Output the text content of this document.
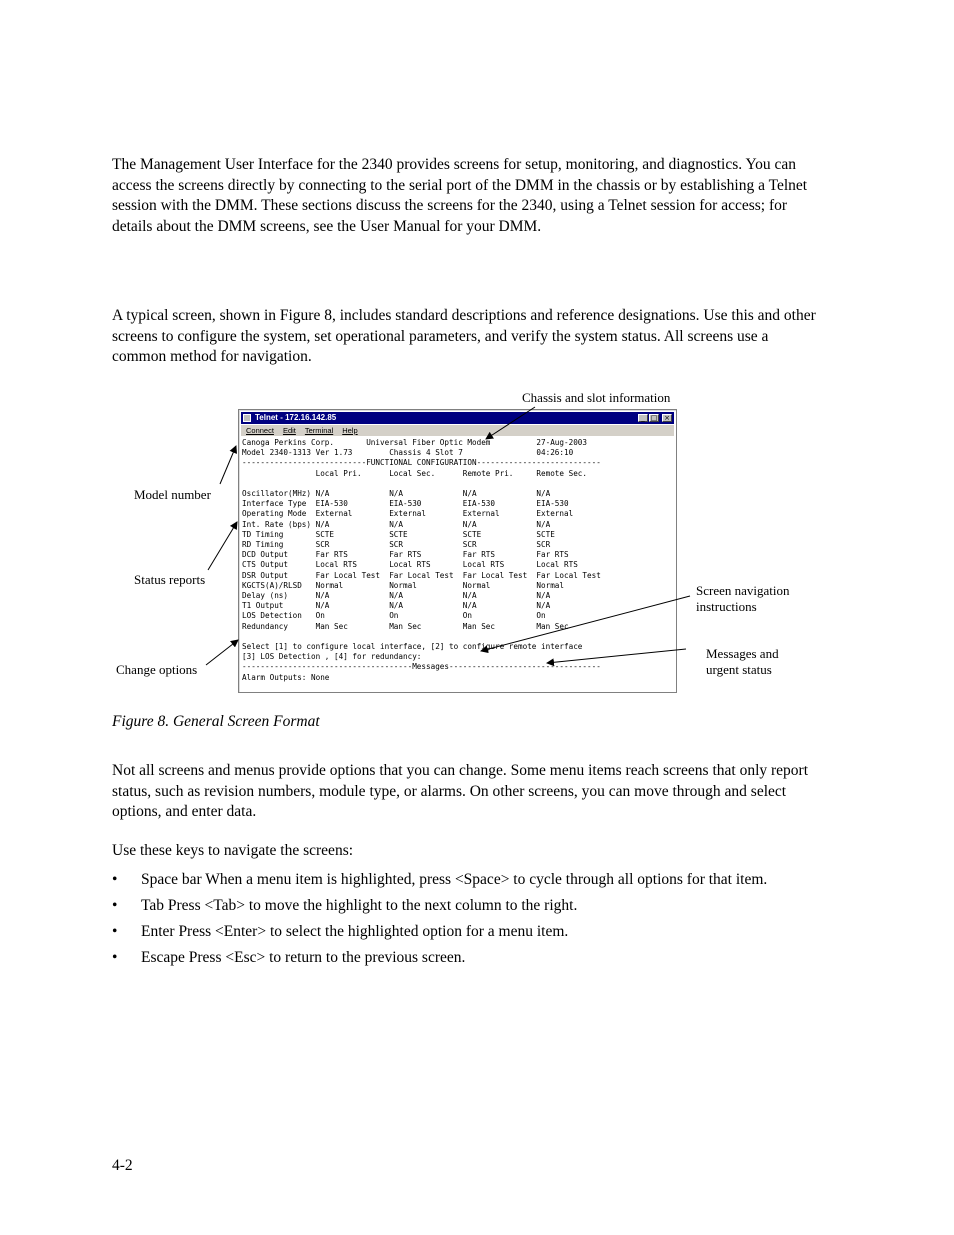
The Management User Interface for the 2340 provides screens for setup, monitoring, and diagnostics. You can access the screens directly by connecting to the serial port of the DMM in the chassis or by establishing a Telnet session with the DMM. These sections discuss the screens for the 2340, using a Telnet session for access; for details about the DMM screens, see the User Manual for your DMM.

A typical screen, shown in Figure 8, includes standard descriptions and reference designations. Use this and other screens to configure the system, set operational parameters, and verify the system status. All screens use a common method for navigation.

Chassis and slot information
Model number
Status reports
Change options
Screen navigation instructions
Messages and urgent status
Telnet - 172.16.142.85	_ □ ×
Connect Edit Terminal Help
Canoga Perkins Corp.       Universal Fiber Optic Modem          27-Aug-2003
Model 2340-1313 Ver 1.73        Chassis 4 Slot 7                04:26:10
---------------------------FUNCTIONAL CONFIGURATION---------------------------
Local Pri.      Local Sec.      Remote Pri.     Remote Sec.

Oscillator(MHz) N/A             N/A             N/A             N/A
Interface Type  EIA-530         EIA-530         EIA-530         EIA-530
Operating Mode  External        External        External        External
Int. Rate (bps) N/A             N/A             N/A             N/A
TD Timing       SCTE            SCTE            SCTE            SCTE
RD Timing       SCR             SCR             SCR             SCR
DCD Output      Far RTS         Far RTS         Far RTS         Far RTS
CTS Output      Local RTS       Local RTS       Local RTS       Local RTS
DSR Output      Far Local Test  Far Local Test  Far Local Test  Far Local Test
KGCTS(A)/RLSD   Normal          Normal          Normal          Normal
Delay (ns)      N/A             N/A             N/A             N/A
T1 Output       N/A             N/A             N/A             N/A
LOS Detection   On              On              On              On
Redundancy      Man Sec         Man Sec         Man Sec         Man Sec

Select [1] to configure local interface, [2] to configure remote interface
[3] LOS Detection , [4] for redundancy:
-------------------------------------Messages---------------------------------
Alarm Outputs: None
Figure 8. General Screen Format

Not all screens and menus provide options that you can change. Some menu items reach screens that only report status, such as revision numbers, module type, or alarms. On other screens, you can move through and select options, and enter data.

Use these keys to navigate the screens:

• Space bar When a menu item is highlighted, press <Space> to cycle through all options for that item.
• Tab Press <Tab> to move the highlight to the next column to the right.
• Enter Press <Enter> to select the highlighted option for a menu item.
• Escape Press <Esc> to return to the previous screen.
4-2
